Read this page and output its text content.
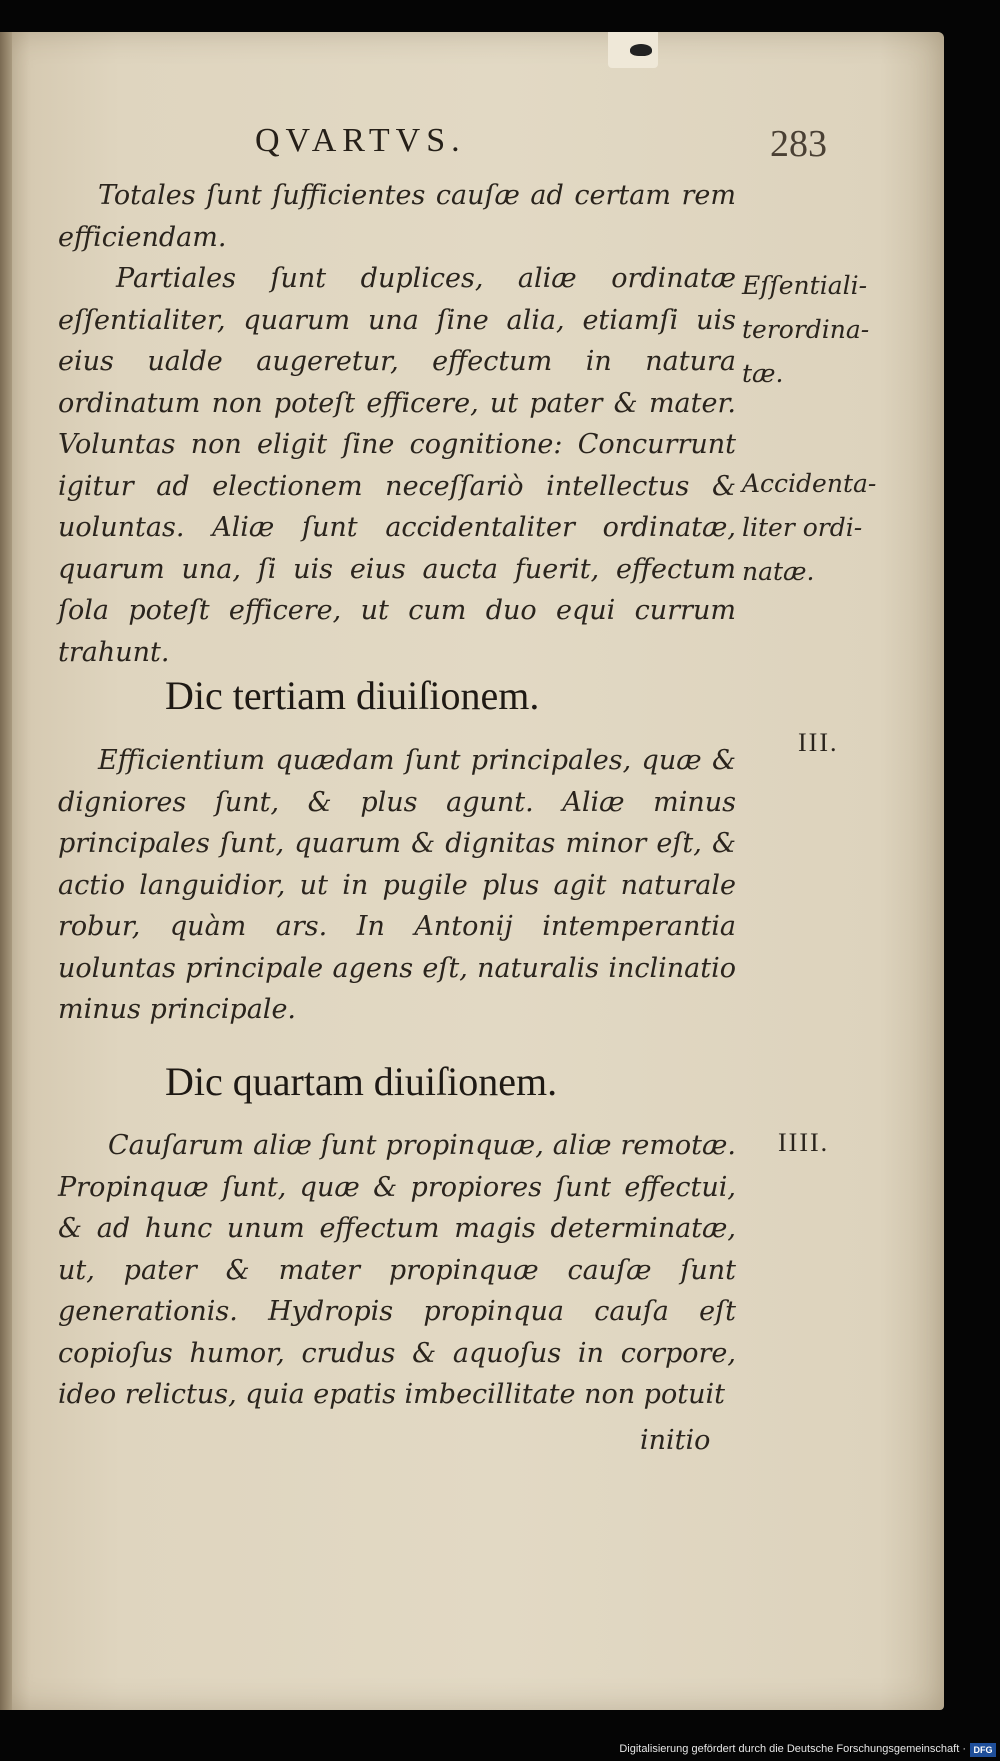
QVARTVS.	283

Totales ſunt ſufficientes cauſæ ad certam rem efficiendam.

Partiales ſunt duplices, aliæ ordinatæ eſſentialiter, quarum una ſine alia, etiamſi uis eius ualde augeretur, effectum in natura ordinatum non poteſt efficere, ut pater & mater. Voluntas non eligit ſine cognitione: Concurrunt igitur ad electionem neceſſariò intellectus & uoluntas. Aliæ ſunt accidentaliter ordinatæ, quarum una, ſi uis eius aucta fuerit, effectum ſola poteſt efficere, ut cum duo equi currum trahunt.

Eſſentiali-terordina-tæ.
Accidenta-liter ordi-natæ.
Dic tertiam diuiſionem.
III.

Efficientium quædam ſunt principales, quæ & digniores ſunt, & plus agunt. Aliæ minus principales ſunt, quarum & dignitas minor eſt, & actio languidior, ut in pugile plus agit naturale robur, quàm ars. In Antonij intemperantia uoluntas principale agens eſt, naturalis inclinatio minus principale.

Dic quartam diuiſionem.
IIII.

Cauſarum aliæ ſunt propinquæ, aliæ remotæ. Propinquæ ſunt, quæ & propiores ſunt effectui, & ad hunc unum effectum magis determinatæ, ut, pater & mater propinquæ cauſæ ſunt generationis. Hydropis propinqua cauſa eſt copioſus humor, crudus & aquoſus in corpore, ideo relictus, quia epatis imbecillitate non potuit

initio
Digitalisierung gefördert durch die Deutsche Forschungsgemeinschaft · DFG
